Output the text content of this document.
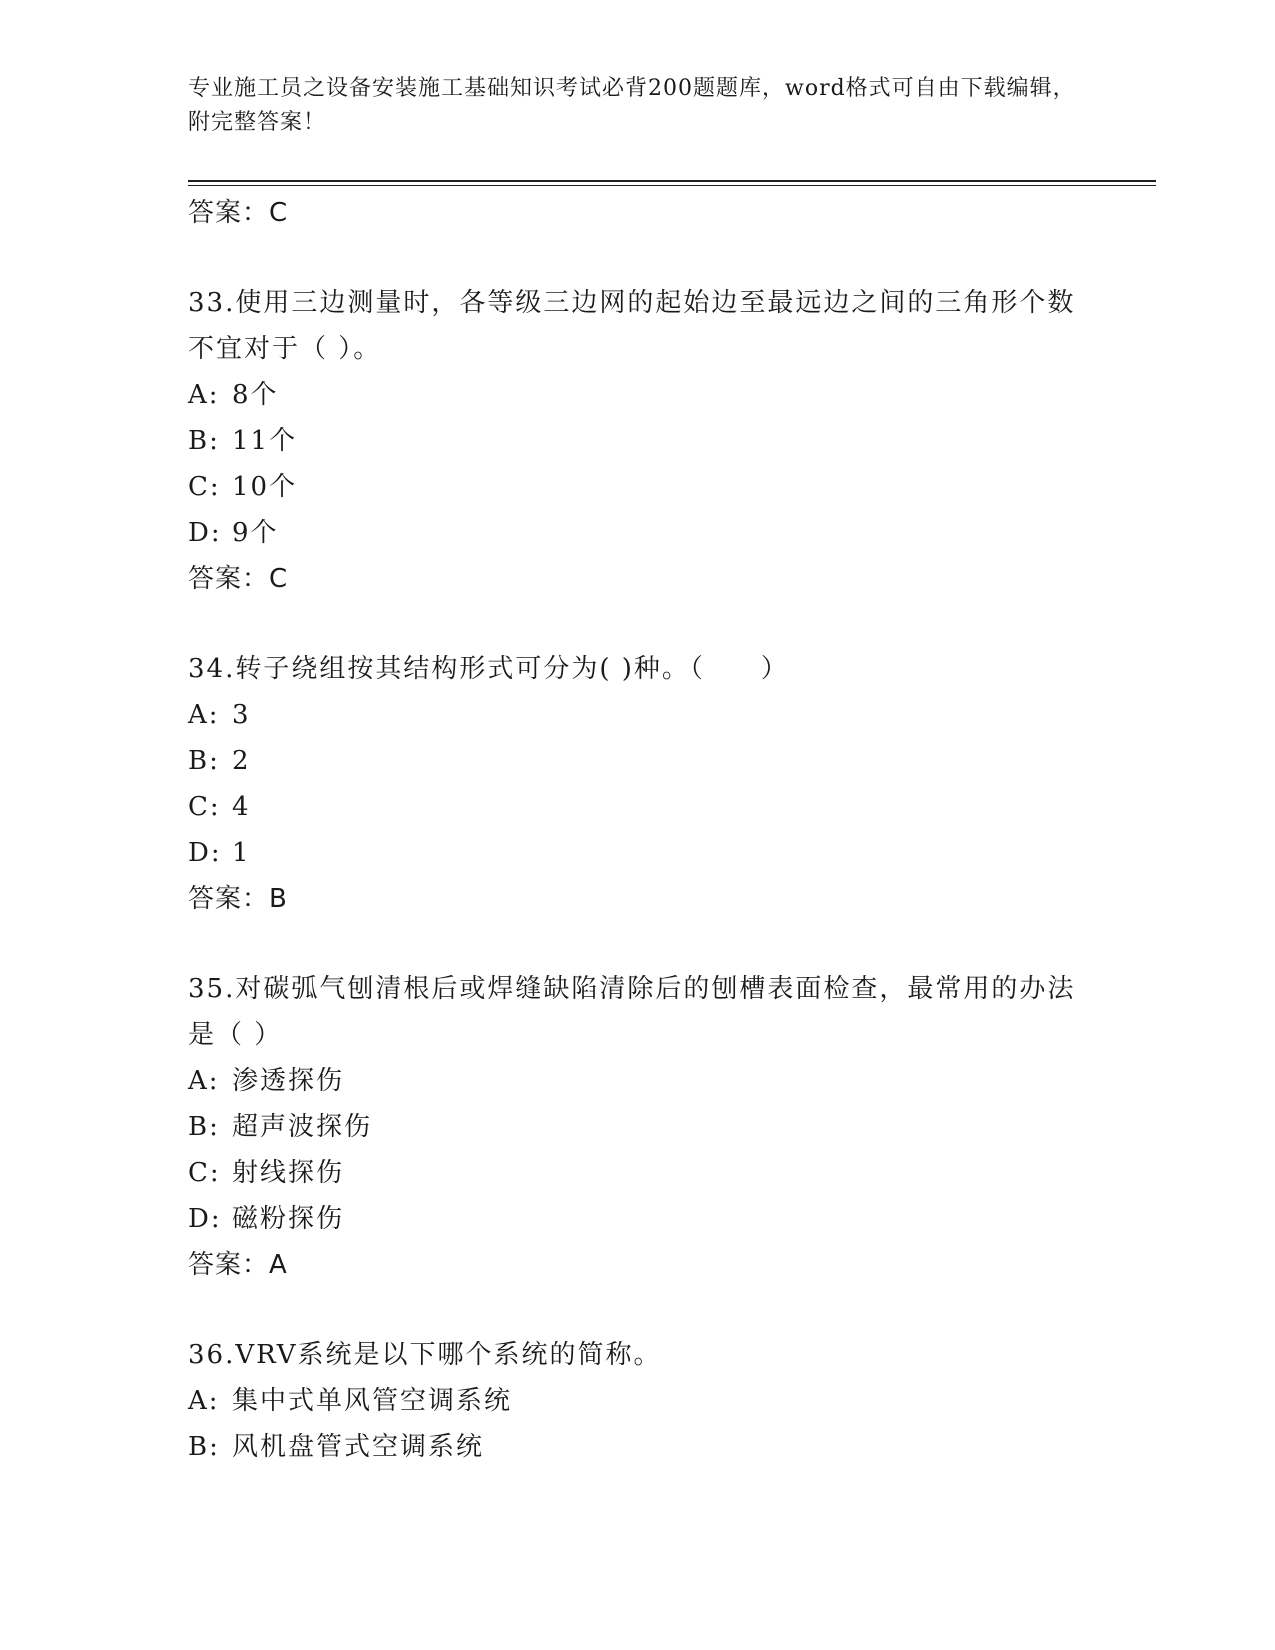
专业施工员之设备安装施工基础知识考试必背200题题库，word格式可自由下载编辑，附完整答案！
答案：C
33.使用三边测量时，各等级三边网的起始边至最远边之间的三角形个数不宜对于（ ）。
A: 8个
B: 11个
C: 10个
D: 9个
答案：C
34.转子绕组按其结构形式可分为( )种。（　　）
A: 3
B: 2
C: 4
D: 1
答案：B
35.对碳弧气刨清根后或焊缝缺陷清除后的刨槽表面检查，最常用的办法是（ ）
A: 渗透探伤
B: 超声波探伤
C: 射线探伤
D: 磁粉探伤
答案：A
36.VRV系统是以下哪个系统的简称。
A: 集中式单风管空调系统
B: 风机盘管式空调系统
